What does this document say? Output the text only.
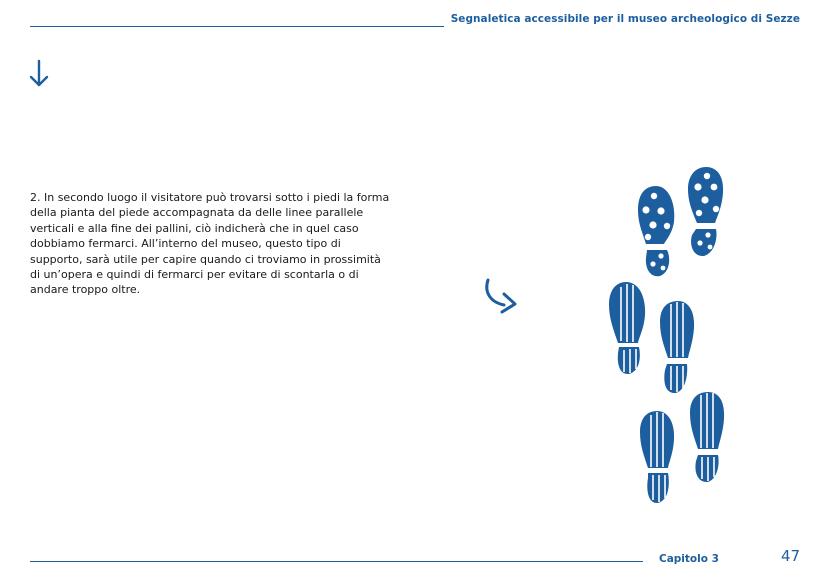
Segnaletica accessibile per il museo archeologico di Sezze
2. In secondo luogo il visitatore può trovarsi sotto i piedi la forma della pianta del piede accompagnata da delle linee parallele verticali e alla fine dei pallini, ciò indicherà che in quel caso dobbiamo fermarci. All’interno del museo, questo tipo di supporto, sarà utile per capire quando ci troviamo in prossimità di un’opera e quindi di fermarci per evitare di scontarla o di andare troppo oltre.
Capitolo 3	47
